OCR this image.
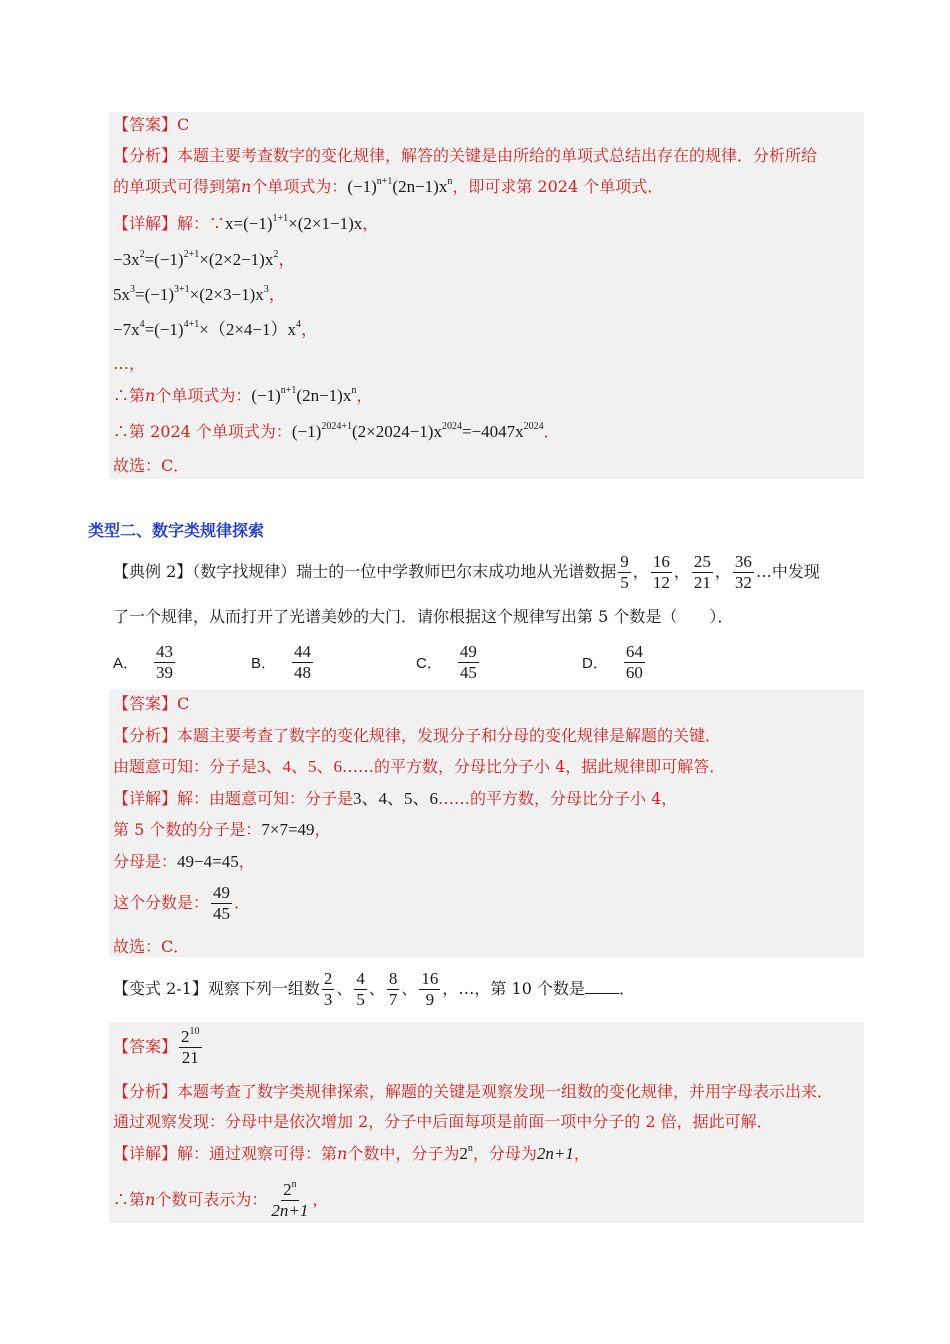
【答案】C
【分析】本题主要考查数字的变化规律，解答的关键是由所给的单项式总结出存在的规律．分析所给
的单项式可得到第n个单项式为：$(-1)^{n+1}(2n-1)x^n$，即可求第 2024 个单项式．
【详解】解：$\because x=(-1)^{1+1}\times(2\times 1-1)x$，
$-3x^2=(-1)^{2+1}\times(2\times 2-1)x^2$，
$5x^3=(-1)^{3+1}\times(2\times 3-1)x^3$，
$-7x^4=(-1)^{4+1}\times(2\times 4-1)x^4$，
…，
∴第n个单项式为：$(-1)^{n+1}(2n-1)x^n$，
∴第 2024 个单项式为：$(-1)^{2024+1}(2\times 2024-1)x^{2024}=-4047x^{2024}$．
故选：C．
类型二、数字类规律探索
【典例 2】（数字找规律）瑞士的一位中学教师巴尔末成功地从光谱数据 $\frac{9}{5}$ ， $\frac{16}{12}$ ， $\frac{25}{21}$ ， $\frac{36}{32}$ …中发现
了一个规律，从而打开了光谱美妙的大门．请你根据这个规律写出第 5 个数是（　　）．
A． $\frac{43}{39}$	B． $\frac{44}{48}$	C． $\frac{49}{45}$	D． $\frac{64}{60}$
【答案】C
【分析】本题主要考查了数字的变化规律，发现分子和分母的变化规律是解题的关键．
由题意可知：分子是3、4、5、6……的平方数，分母比分子小 4，据此规律即可解答．
【详解】解：由题意可知：分子是3、4、5、6……的平方数，分母比分子小 4，
第 5 个数的分子是：7×7=49，
分母是：49−4=45，
这个分数是： $\frac{49}{45}$ ．
故选：C．
【变式 2-1】观察下列一组数 $\frac{2}{3}$ 、 $\frac{4}{5}$ 、 $\frac{8}{7}$ 、 $\frac{16}{9}$ ，…，第 10 个数是 ．
【答案】 $\frac{2^{10}}{21}$
【分析】本题考查了数字类规律探索，解题的关键是观察发现一组数的变化规律，并用字母表示出来．
通过观察发现：分母中是依次增加 2，分子中后面每项是前面一项中分子的 2 倍，据此可解．
【详解】解：通过观察可得：第n个数中，分子为2$^n$，分母为2n+1，
∴第n个数可表示为： $\frac{2^n}{2n+1}$ ，
